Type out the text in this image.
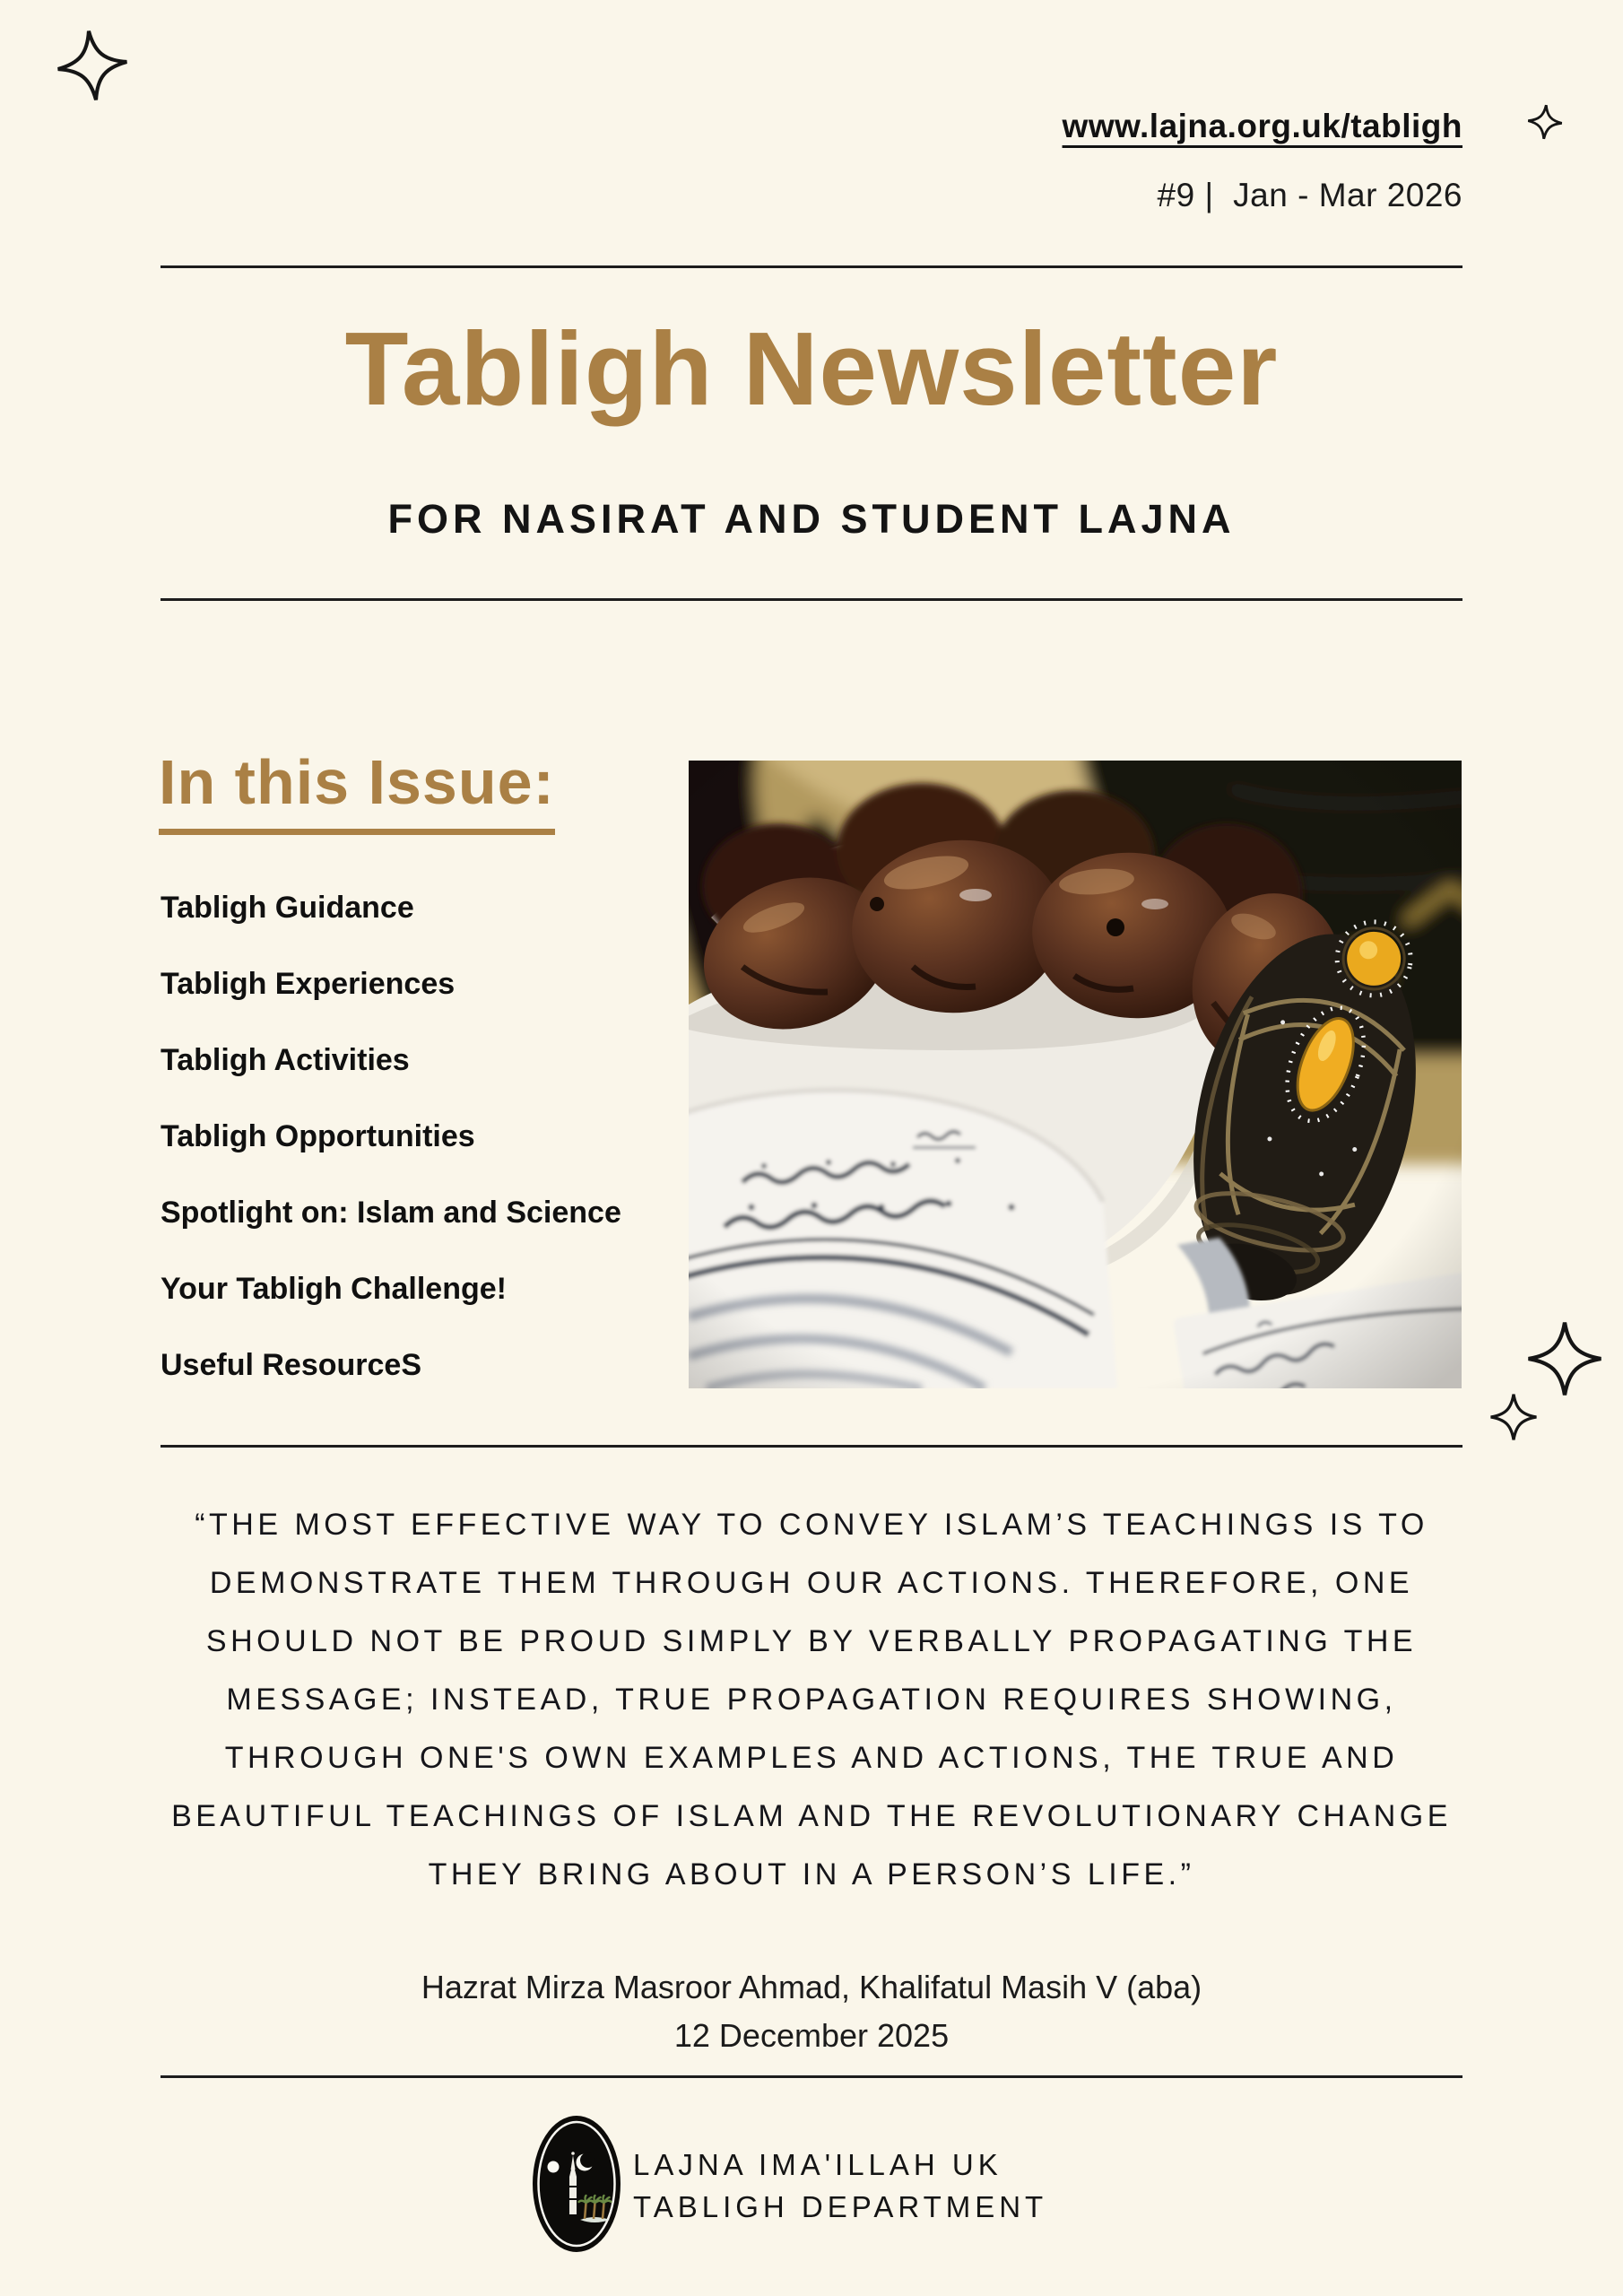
www.lajna.org.uk/tabligh
#9 |  Jan - Mar 2026
Tabligh Newsletter
FOR NASIRAT AND STUDENT LAJNA
In this Issue:
Tabligh Guidance
Tabligh Experiences
Tabligh Activities
Tabligh Opportunities
Spotlight on: Islam and Science
Your Tabligh Challenge!
Useful ResourceS

“THE MOST EFFECTIVE WAY TO CONVEY ISLAM’S TEACHINGS IS TO DEMONSTRATE THEM THROUGH OUR ACTIONS. THEREFORE, ONE SHOULD NOT BE PROUD SIMPLY BY VERBALLY PROPAGATING THE MESSAGE; INSTEAD, TRUE PROPAGATION REQUIRES SHOWING, THROUGH ONE'S OWN EXAMPLES AND ACTIONS, THE TRUE AND BEAUTIFUL TEACHINGS OF ISLAM AND THE REVOLUTIONARY CHANGE THEY BRING ABOUT IN A PERSON’S LIFE.”

Hazrat Mirza Masroor Ahmad, Khalifatul Masih V (aba)
12 December 2025
LAJNA IMA'ILLAH UK
TABLIGH DEPARTMENT
